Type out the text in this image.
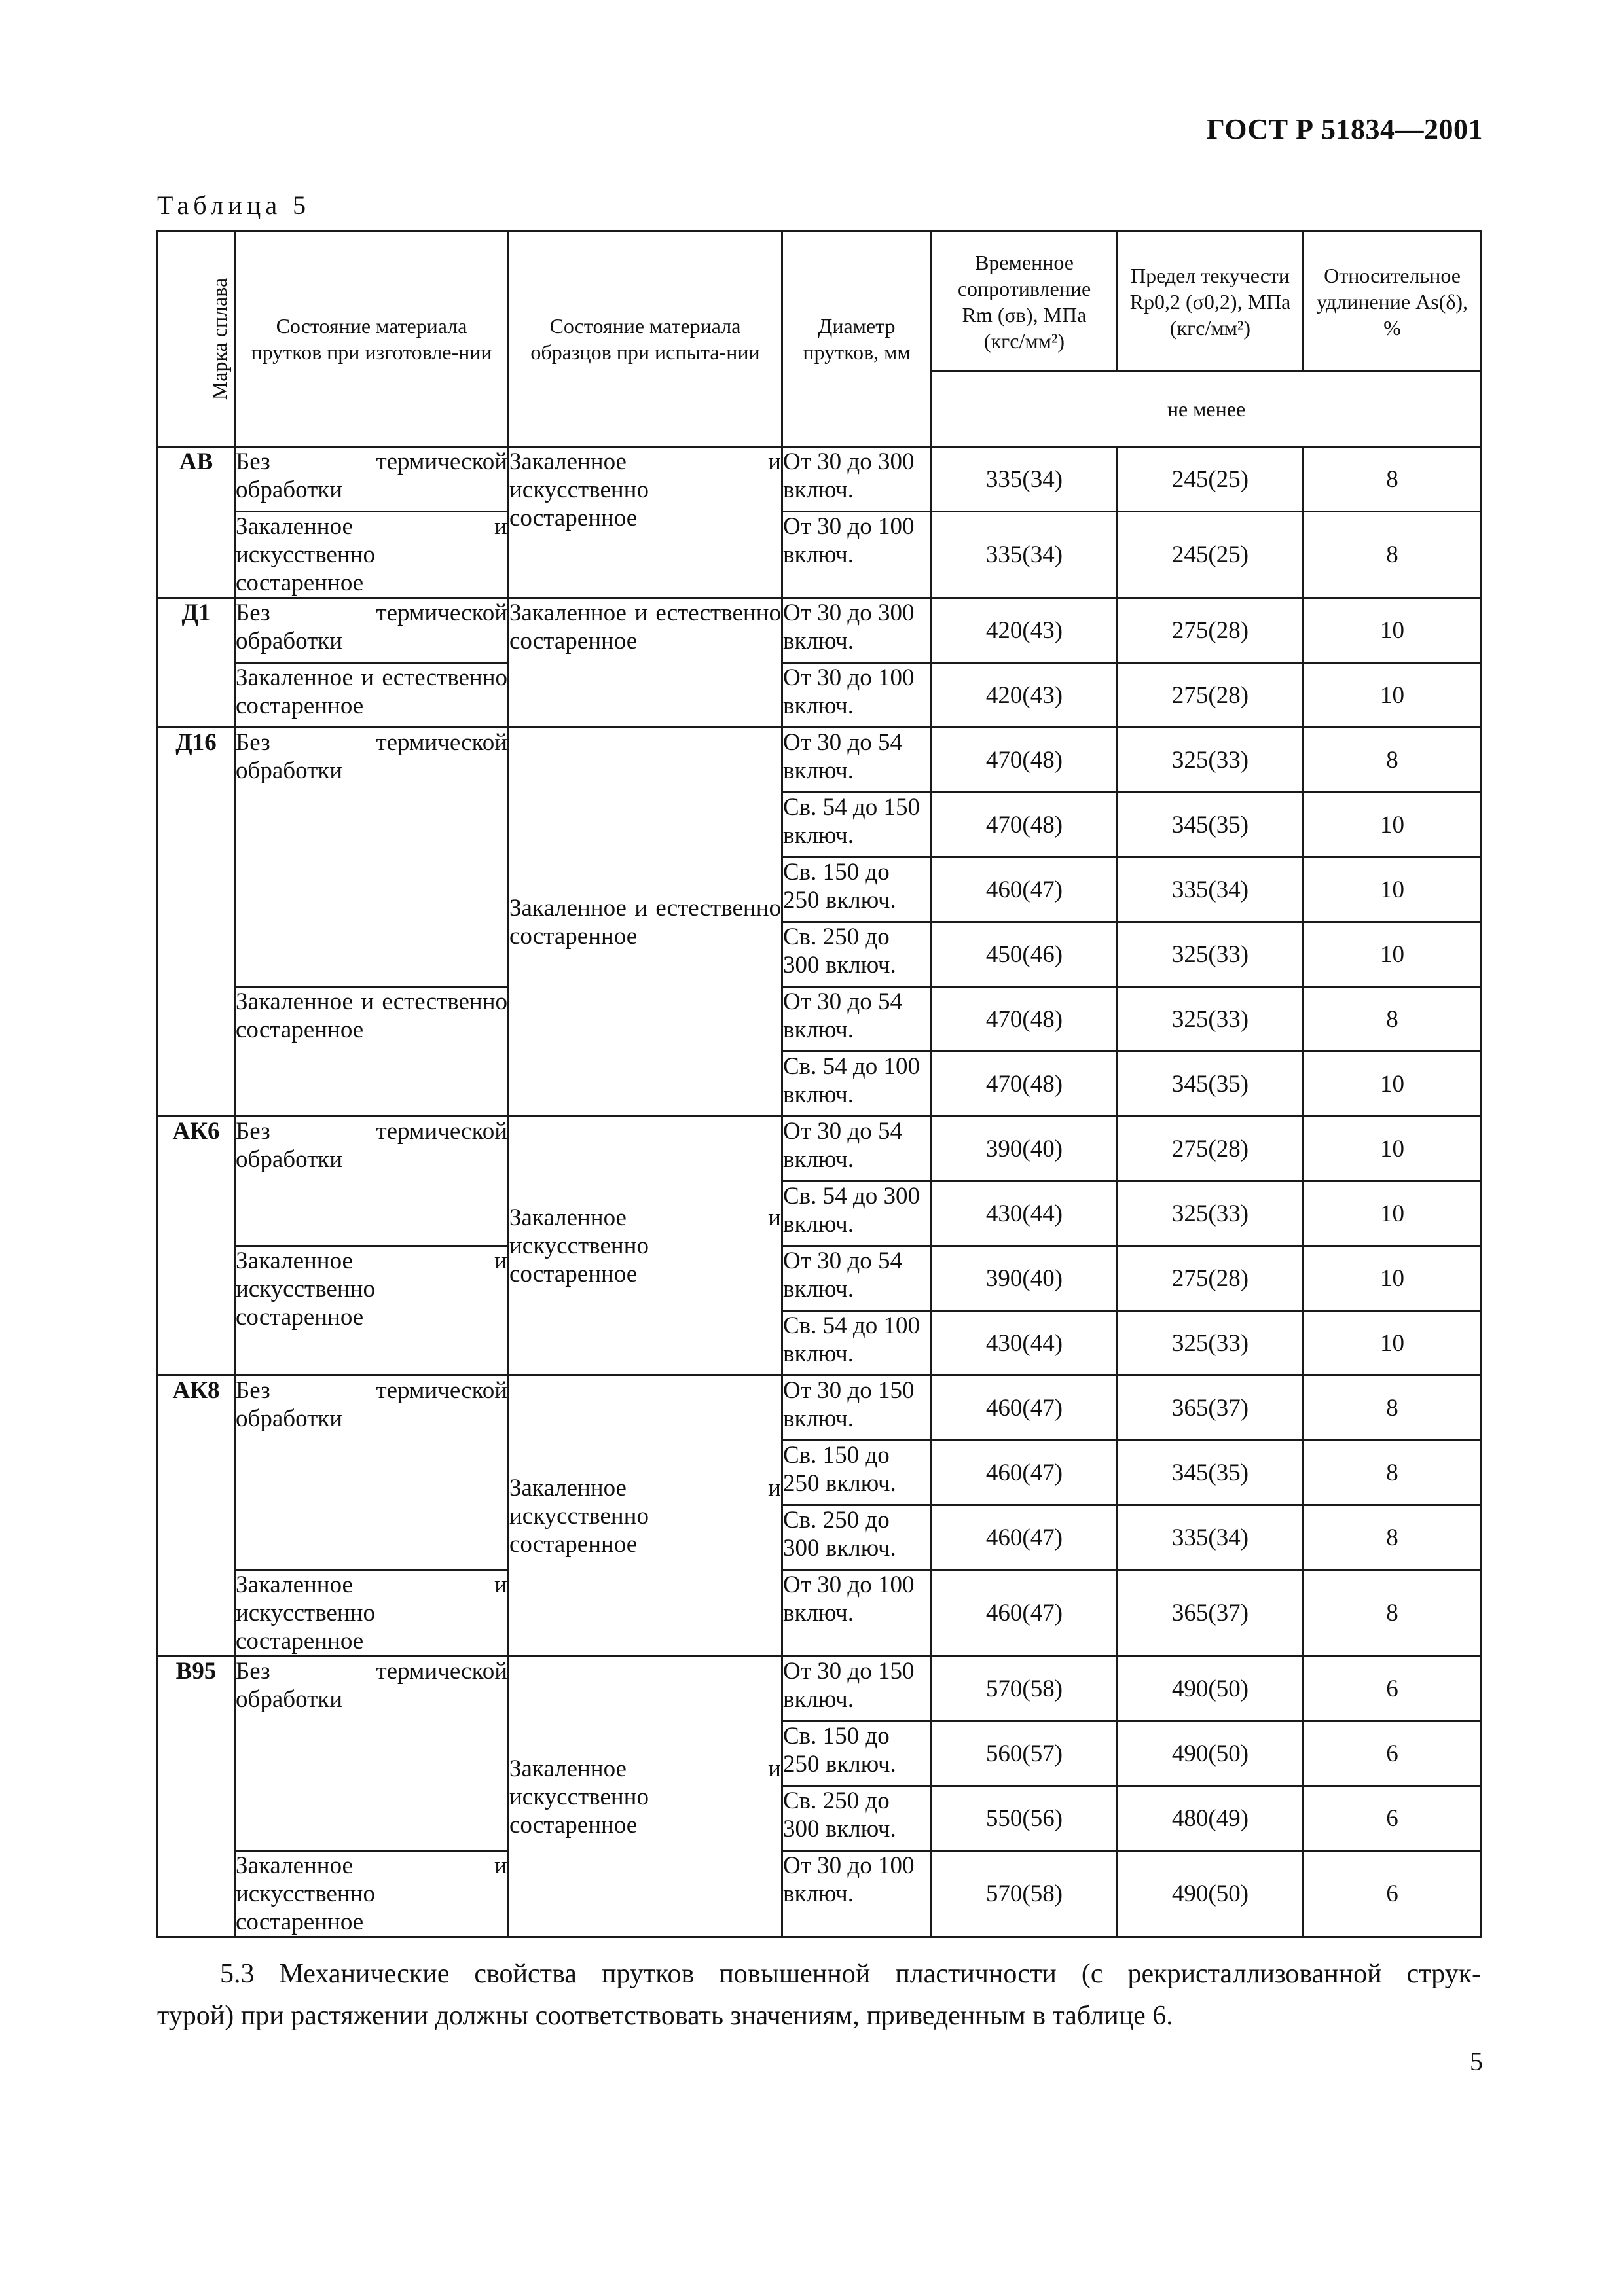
ГОСТ Р 51834—2001
Таблица 5
Марка сплава	Состояние материала прутков при изготовле-нии	Состояние материала образцов при испыта-нии	Диаметр прутков, мм	Временное сопротивление Rm (σв), МПа (кгс/мм²)	Предел текучести Rp0,2 (σ0,2), МПа (кгс/мм²)	Относительное удлинение As(δ), %
				не менее		
АВ	Без термической обработки	Закаленное и искусственно состаренное	От 30 до 300 включ.	335(34)	245(25)	8
	Закаленное и искусственно состаренное		От 30 до 100 включ.	335(34)	245(25)	8
Д1	Без термической обработки	Закаленное и естественно состаренное	От 30 до 300 включ.	420(43)	275(28)	10
	Закаленное и естественно состаренное		От 30 до 100 включ.	420(43)	275(28)	10
Д16	Без термической обработки	Закаленное и естественно состаренное	От 30 до 54 включ.	470(48)	325(33)	8
			Св. 54 до 150 включ.	470(48)	345(35)	10
			Св. 150 до 250 включ.	460(47)	335(34)	10
			Св. 250 до 300 включ.	450(46)	325(33)	10
	Закаленное и естественно состаренное		От 30 до 54 включ.	470(48)	325(33)	8
			Св. 54 до 100 включ.	470(48)	345(35)	10
АК6	Без термической обработки	Закаленное и искусственно состаренное	От 30 до 54 включ.	390(40)	275(28)	10
			Св. 54 до 300 включ.	430(44)	325(33)	10
	Закаленное и искусственно состаренное		От 30 до 54 включ.	390(40)	275(28)	10
			Св. 54 до 100 включ.	430(44)	325(33)	10
АК8	Без термической обработки	Закаленное и искусственно состаренное	От 30 до 150 включ.	460(47)	365(37)	8
			Св. 150 до 250 включ.	460(47)	345(35)	8
			Св. 250 до 300 включ.	460(47)	335(34)	8
	Закаленное и искусственно состаренное		От 30 до 100 включ.	460(47)	365(37)	8
В95	Без термической обработки	Закаленное и искусственно состаренное	От 30 до 150 включ.	570(58)	490(50)	6
			Св. 150 до 250 включ.	560(57)	490(50)	6
			Св. 250 до 300 включ.	550(56)	480(49)	6
	Закаленное и искусственно состаренное		От 30 до 100 включ.	570(58)	490(50)	6
5.3 Механические свойства прутков повышенной пластичности (с рекристаллизованной струк-
турой) при растяжении должны соответствовать значениям, приведенным в таблице 6.
5
